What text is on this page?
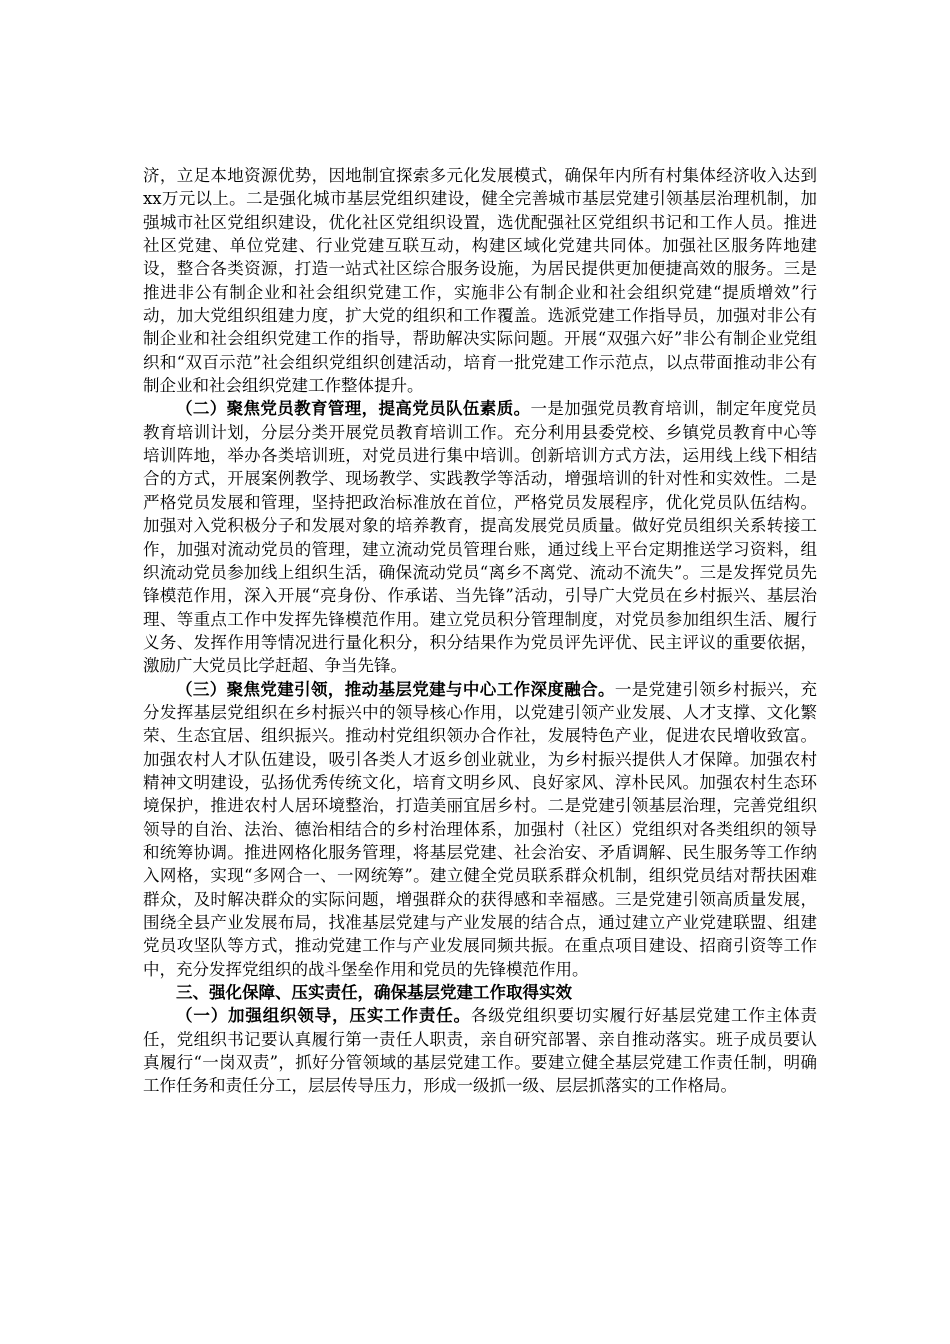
济，立足本地资源优势，因地制宜探索多元化发展模式，确保年内所有村集体经济收入达到xx万元以上。二是强化城市基层党组织建设，健全完善城市基层党建引领基层治理机制，加强城市社区党组织建设，优化社区党组织设置，选优配强社区党组织书记和工作人员。推进社区党建、单位党建、行业党建互联互动，构建区域化党建共同体。加强社区服务阵地建设，整合各类资源，打造一站式社区综合服务设施，为居民提供更加便捷高效的服务。三是推进非公有制企业和社会组织党建工作，实施非公有制企业和社会组织党建“提质增效”行动，加大党组织组建力度，扩大党的组织和工作覆盖。选派党建工作指导员，加强对非公有制企业和社会组织党建工作的指导，帮助解决实际问题。开展“双强六好”非公有制企业党组织和“双百示范”社会组织党组织创建活动，培育一批党建工作示范点，以点带面推动非公有制企业和社会组织党建工作整体提升。

（二）聚焦党员教育管理，提高党员队伍素质。一是加强党员教育培训，制定年度党员教育培训计划，分层分类开展党员教育培训工作。充分利用县委党校、乡镇党员教育中心等培训阵地，举办各类培训班，对党员进行集中培训。创新培训方式方法，运用线上线下相结合的方式，开展案例教学、现场教学、实践教学等活动，增强培训的针对性和实效性。二是严格党员发展和管理，坚持把政治标准放在首位，严格党员发展程序，优化党员队伍结构。加强对入党积极分子和发展对象的培养教育，提高发展党员质量。做好党员组织关系转接工作，加强对流动党员的管理，建立流动党员管理台账，通过线上平台定期推送学习资料，组织流动党员参加线上组织生活，确保流动党员“离乡不离党、流动不流失”。三是发挥党员先锋模范作用，深入开展“亮身份、作承诺、当先锋”活动，引导广大党员在乡村振兴、基层治理、等重点工作中发挥先锋模范作用。建立党员积分管理制度，对党员参加组织生活、履行义务、发挥作用等情况进行量化积分，积分结果作为党员评先评优、民主评议的重要依据，激励广大党员比学赶超、争当先锋。

（三）聚焦党建引领，推动基层党建与中心工作深度融合。一是党建引领乡村振兴，充分发挥基层党组织在乡村振兴中的领导核心作用，以党建引领产业发展、人才支撑、文化繁荣、生态宜居、组织振兴。推动村党组织领办合作社，发展特色产业，促进农民增收致富。加强农村人才队伍建设，吸引各类人才返乡创业就业，为乡村振兴提供人才保障。加强农村精神文明建设，弘扬优秀传统文化，培育文明乡风、良好家风、淳朴民风。加强农村生态环境保护，推进农村人居环境整治，打造美丽宜居乡村。二是党建引领基层治理，完善党组织领导的自治、法治、德治相结合的乡村治理体系，加强村（社区）党组织对各类组织的领导和统筹协调。推进网格化服务管理，将基层党建、社会治安、矛盾调解、民生服务等工作纳入网格，实现“多网合一、一网统筹”。建立健全党员联系群众机制，组织党员结对帮扶困难群众，及时解决群众的实际问题，增强群众的获得感和幸福感。三是党建引领高质量发展，围绕全县产业发展布局，找准基层党建与产业发展的结合点，通过建立产业党建联盟、组建党员攻坚队等方式，推动党建工作与产业发展同频共振。在重点项目建设、招商引资等工作中，充分发挥党组织的战斗堡垒作用和党员的先锋模范作用。

三、强化保障、压实责任，确保基层党建工作取得实效

（一）加强组织领导，压实工作责任。各级党组织要切实履行好基层党建工作主体责任，党组织书记要认真履行第一责任人职责，亲自研究部署、亲自推动落实。班子成员要认真履行“一岗双责”，抓好分管领域的基层党建工作。要建立健全基层党建工作责任制，明确工作任务和责任分工，层层传导压力，形成一级抓一级、层层抓落实的工作格局。
